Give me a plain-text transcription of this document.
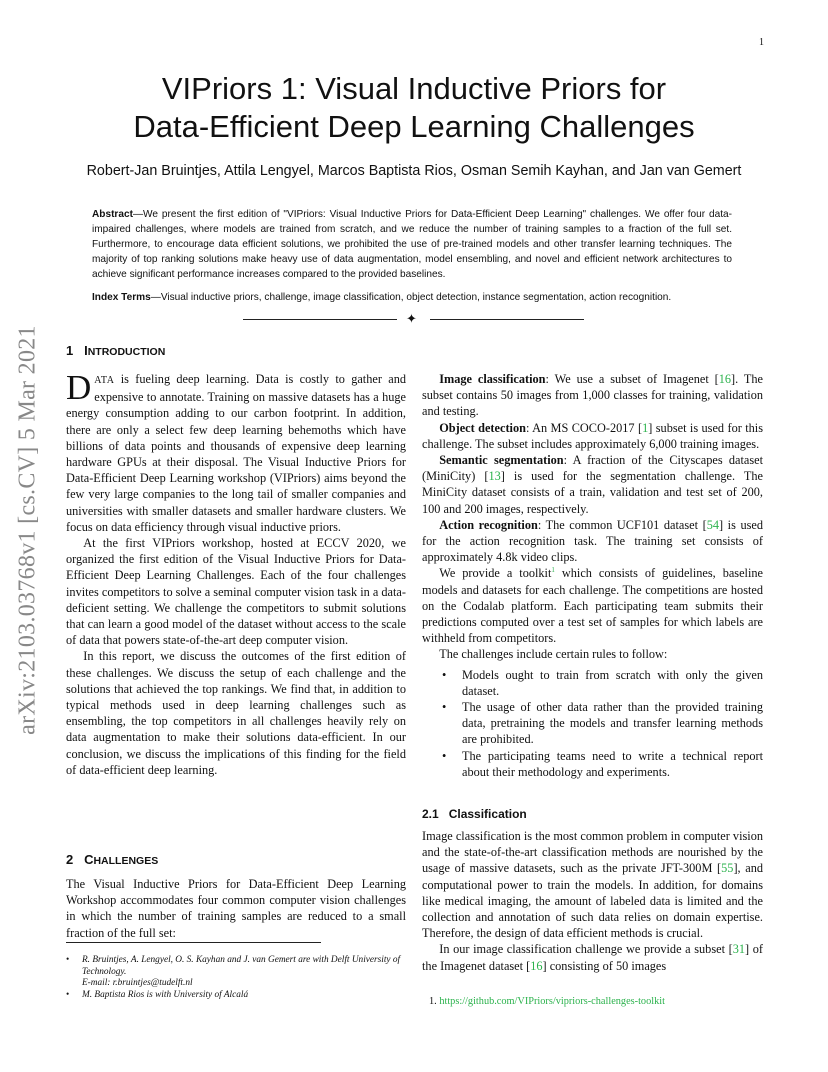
1
arXiv:2103.03768v1 [cs.CV] 5 Mar 2021
VIPriors 1: Visual Inductive Priors for
Data-Efficient Deep Learning Challenges
Robert-Jan Bruintjes, Attila Lengyel, Marcos Baptista Rios, Osman Semih Kayhan, and Jan van Gemert
Abstract—We present the first edition of "VIPriors: Visual Inductive Priors for Data-Efficient Deep Learning" challenges. We offer four data-impaired challenges, where models are trained from scratch, and we reduce the number of training samples to a fraction of the full set. Furthermore, to encourage data efficient solutions, we prohibited the use of pre-trained models and other transfer learning techniques. The majority of top ranking solutions make heavy use of data augmentation, model ensembling, and novel and efficient network architectures to achieve significant performance increases compared to the provided baselines.
Index Terms—Visual inductive priors, challenge, image classification, object detection, instance segmentation, action recognition.
✦
1 INTRODUCTION

DATA is fueling deep learning. Data is costly to gather and expensive to annotate. Training on massive datasets has a huge energy consumption adding to our carbon footprint. In addition, there are only a select few deep learning behemoths which have billions of data points and thousands of expensive deep learning hardware GPUs at their disposal. The Visual Inductive Priors for Data-Efficient Deep Learning workshop (VIPriors) aims beyond the few very large companies to the long tail of smaller companies and universities with smaller datasets and smaller hardware clusters. We focus on data efficiency through visual inductive priors.

At the first VIPriors workshop, hosted at ECCV 2020, we organized the first edition of the Visual Inductive Priors for Data-Efficient Deep Learning Challenges. Each of the four challenges invites competitors to solve a seminal computer vision task in a data-deficient setting. We challenge the competitors to submit solutions that can learn a good model of the dataset without access to the scale of data that powers state-of-the-art deep computer vision.

In this report, we discuss the outcomes of the first edition of these challenges. We discuss the setup of each challenge and the solutions that achieved the top rankings. We find that, in addition to typical methods used in deep learning challenges such as ensembling, the top competitors in all challenges heavily rely on data augmentation to make their solutions data-efficient. In our conclusion, we discuss the implications of this finding for the field of data-efficient deep learning.

2 CHALLENGES

The Visual Inductive Priors for Data-Efficient Deep Learning Workshop accommodates four common computer vision challenges in which the number of training samples are reduced to a small fraction of the full set:

• R. Bruintjes, A. Lengyel, O. S. Kayhan and J. van Gemert are with Delft University of Technology.
E-mail: r.bruintjes@tudelft.nl
• M. Baptista Rios is with University of Alcalá

Image classification: We use a subset of Imagenet [16]. The subset contains 50 images from 1,000 classes for training, validation and testing.

Object detection: An MS COCO-2017 [1] subset is used for this challenge. The subset includes approximately 6,000 training images.

Semantic segmentation: A fraction of the Cityscapes dataset (MiniCity) [13] is used for the segmentation challenge. The MiniCity dataset consists of a train, validation and test set of 200, 100 and 200 images, respectively.

Action recognition: The common UCF101 dataset [54] is used for the action recognition task. The training set consists of approximately 4.8k video clips.

We provide a toolkit$^1$ which consists of guidelines, baseline models and datasets for each challenge. The competitions are hosted on the Codalab platform. Each participating team submits their predictions computed over a test set of samples for which labels are withheld from competitors.

The challenges include certain rules to follow:

• Models ought to train from scratch with only the given dataset.
• The usage of other data rather than the provided training data, pretraining the models and transfer learning methods are prohibited.
• The participating teams need to write a technical report about their methodology and experiments.
2.1 Classification

Image classification is the most common problem in computer vision and the state-of-the-art classification methods are nourished by the usage of massive datasets, such as the private JFT-300M [55], and computational power to train the models. In addition, for domains like medical imaging, the amount of labeled data is limited and the collection and annotation of such data relies on domain expertise. Therefore, the design of data efficient methods is crucial.

In our image classification challenge we provide a subset [31] of the Imagenet dataset [16] consisting of 50 images

1. https://github.com/VIPriors/vipriors-challenges-toolkit
